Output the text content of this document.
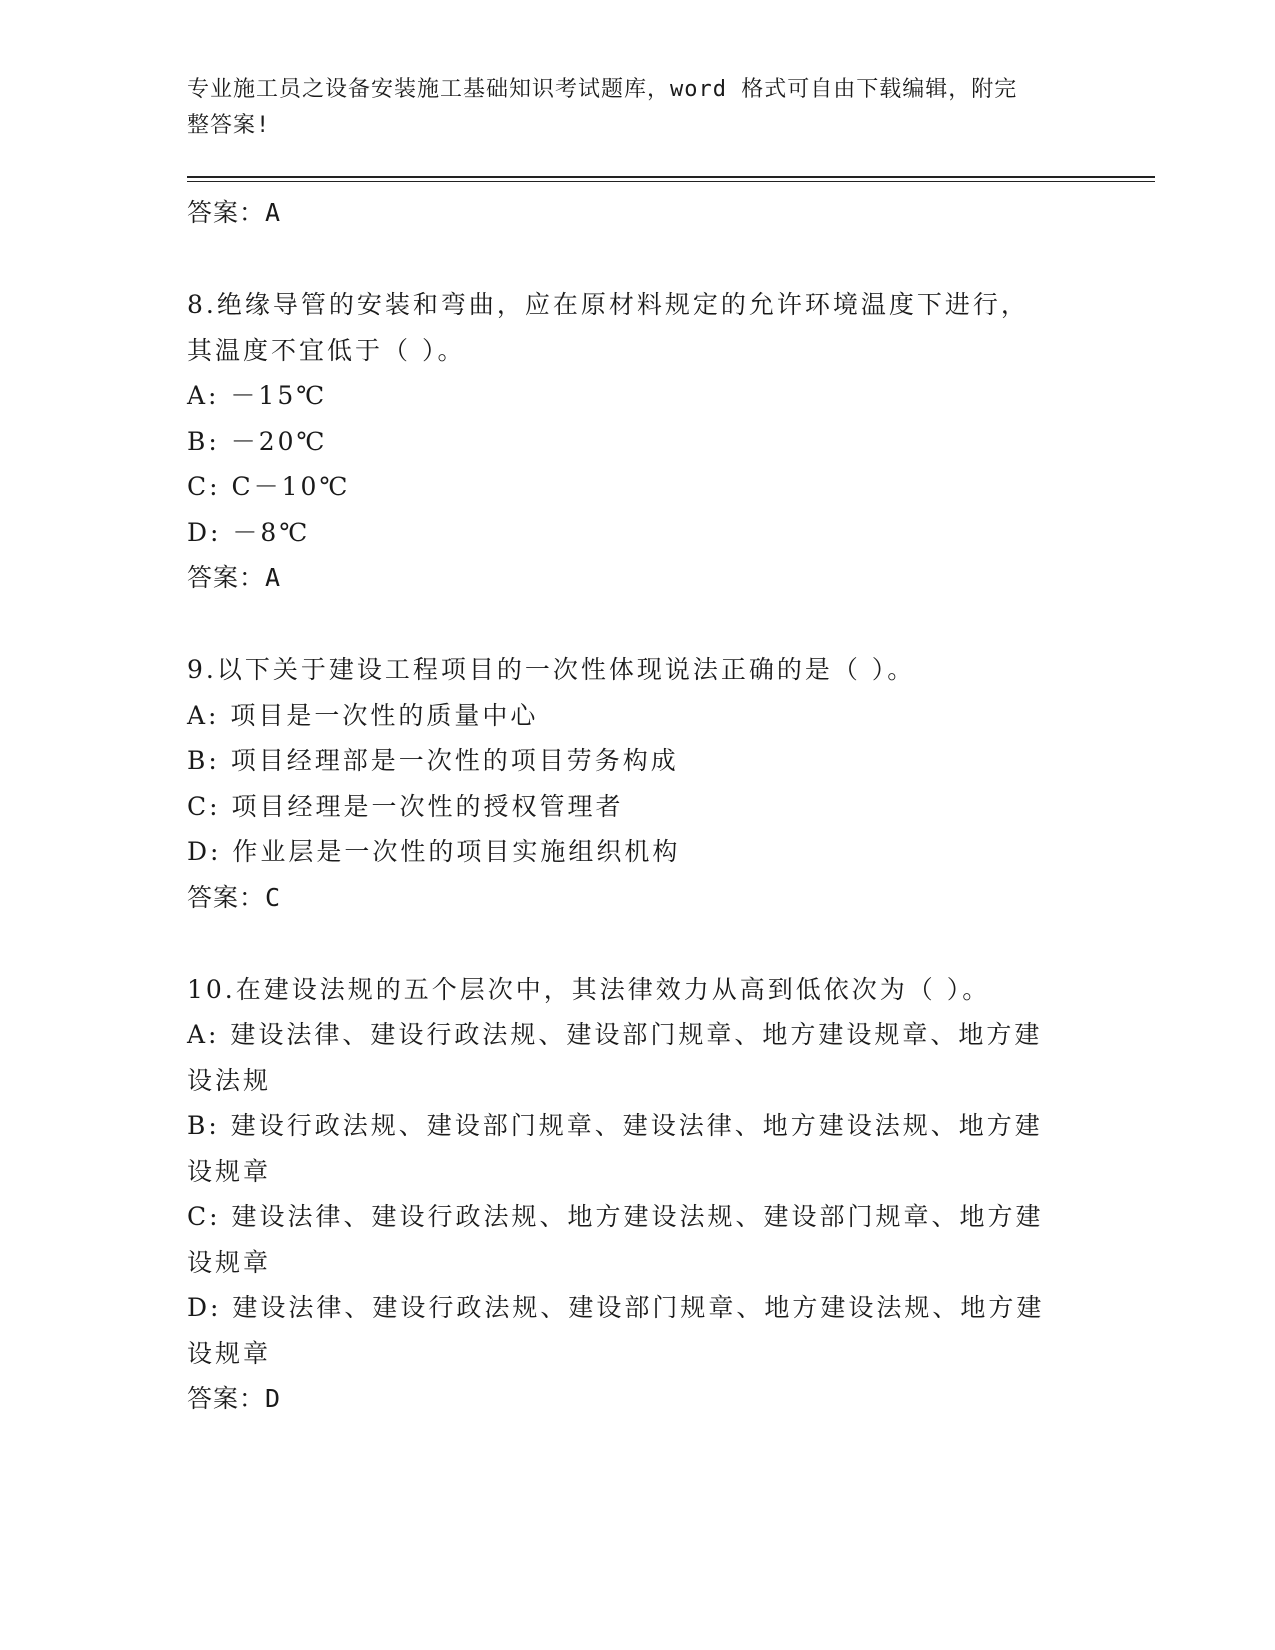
专业施工员之设备安装施工基础知识考试题库，word 格式可自由下载编辑，附完
整答案!
答案：A
8.绝缘导管的安装和弯曲，应在原材料规定的允许环境温度下进行，
其温度不宜低于（ ）。
A: －15℃
B: －20℃
C: C－10℃
D: －8℃
答案：A
9.以下关于建设工程项目的一次性体现说法正确的是（ ）。
A: 项目是一次性的质量中心
B: 项目经理部是一次性的项目劳务构成
C: 项目经理是一次性的授权管理者
D: 作业层是一次性的项目实施组织机构
答案：C
10.在建设法规的五个层次中，其法律效力从高到低依次为（ ）。
A: 建设法律、建设行政法规、建设部门规章、地方建设规章、地方建
设法规
B: 建设行政法规、建设部门规章、建设法律、地方建设法规、地方建
设规章
C: 建设法律、建设行政法规、地方建设法规、建设部门规章、地方建
设规章
D: 建设法律、建设行政法规、建设部门规章、地方建设法规、地方建
设规章
答案：D
